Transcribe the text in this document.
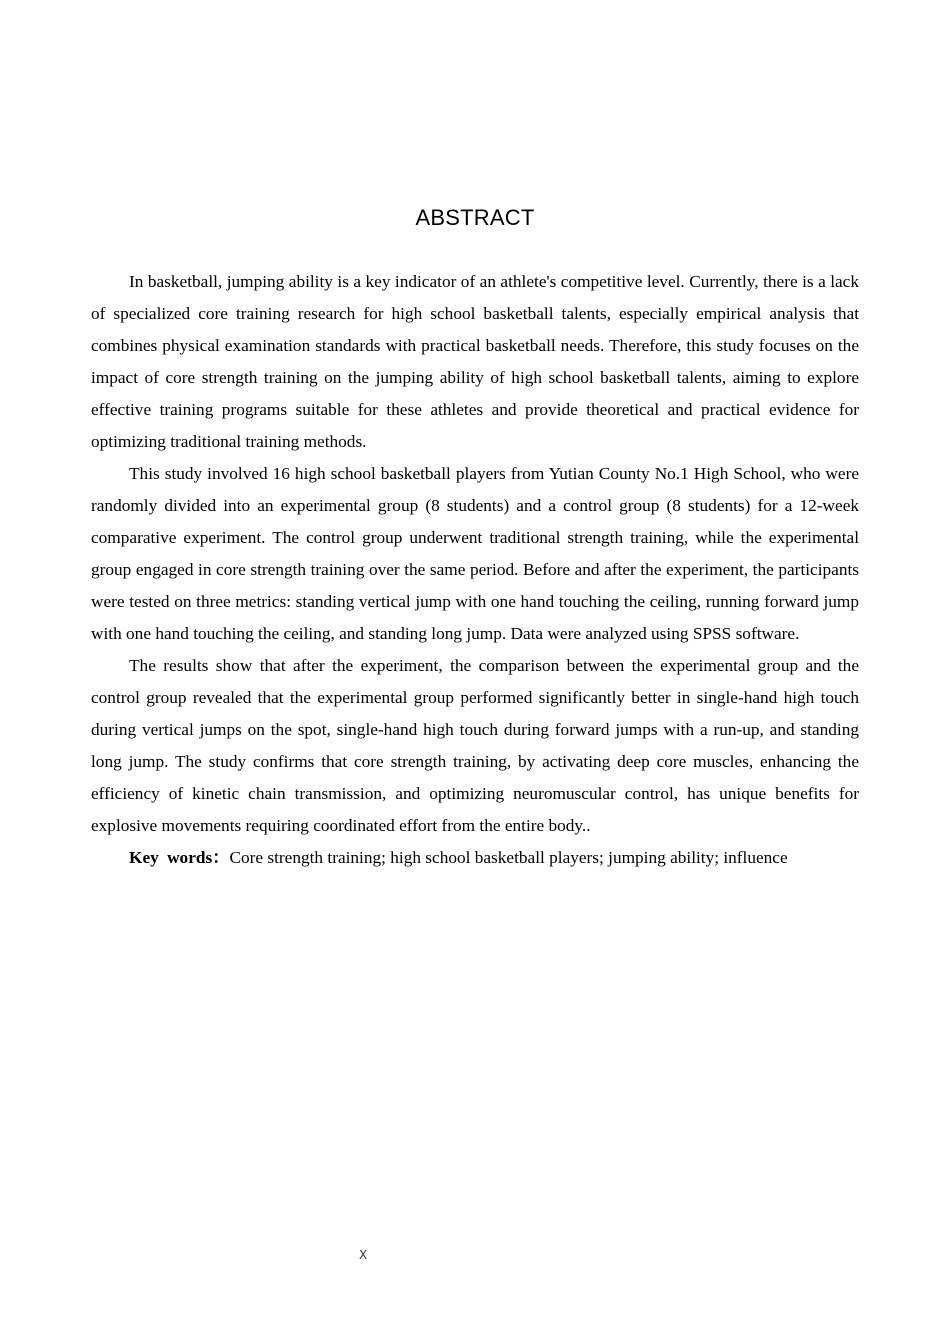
ABSTRACT

In basketball, jumping ability is a key indicator of an athlete's competitive level. Currently, there is a lack of specialized core training research for high school basketball talents, especially empirical analysis that combines physical examination standards with practical basketball needs. Therefore, this study focuses on the impact of core strength training on the jumping ability of high school basketball talents, aiming to explore effective training programs suitable for these athletes and provide theoretical and practical evidence for optimizing traditional training methods.

This study involved 16 high school basketball players from Yutian County No.1 High School, who were randomly divided into an experimental group (8 students) and a control group (8 students) for a 12-week comparative experiment. The control group underwent traditional strength training, while the experimental group engaged in core strength training over the same period. Before and after the experiment, the participants were tested on three metrics: standing vertical jump with one hand touching the ceiling, running forward jump with one hand touching the ceiling, and standing long jump. Data were analyzed using SPSS software.

The results show that after the experiment, the comparison between the experimental group and the control group revealed that the experimental group performed significantly better in single-hand high touch during vertical jumps on the spot, single-hand high touch during forward jumps with a run-up, and standing long jump. The study confirms that core strength training, by activating deep core muscles, enhancing the efficiency of kinetic chain transmission, and optimizing neuromuscular control, has unique benefits for explosive movements requiring coordinated effort from the entire body..

Key words：Core strength training; high school basketball players; jumping ability; influence

Ⅹ
